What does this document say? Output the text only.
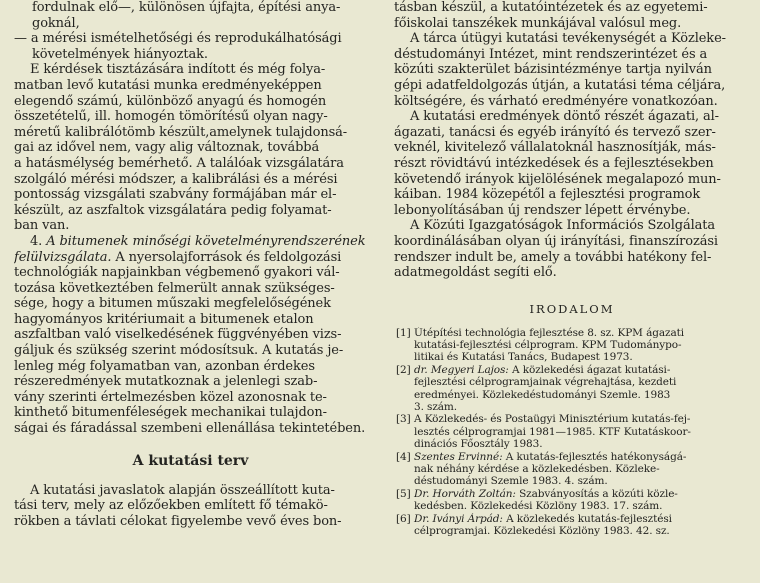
fordulnak elő—, különösen újfajta, építési anya-
goknál,
— a mérési ismételhetőségi és reprodukálhatósági
követelmények hiányoztak.
E kérdések tisztázására indított és még folya-
matban levő kutatási munka eredményeképpen
elegendő számú, különböző anyagú és homogén
összetételű, ill. homogén tömörítésű olyan nagy-
méretű kalibrálótömb készült,amelynek tulajdonsá-
gai az idővel nem, vagy alig változnak, továbbá
a hatásmélység bemérhető. A találóak vizsgálatára
szolgáló mérési módszer, a kalibrálási és a mérési
pontosság vizsgálati szabvány formájában már el-
készült, az aszfaltok vizsgálatára pedig folyamat-
ban van.
4. A bitumenek minőségi követelményrendszerének
felülvizsgálata. A nyersolajforrások és feldolgozási
technológiák napjainkban végbemenő gyakori vál-
tozása következtében felmerült annak szükséges-
sége, hogy a bitumen műszaki megfelelőségének
hagyományos kritériumait a bitumenek etalon
aszfaltban való viselkedésének függvényében vizs-
gáljuk és szükség szerint módosítsuk. A kutatás je-
lenleg még folyamatban van, azonban érdekes
részeredmények mutatkoznak a jelenlegi szab-
vány szerinti értelmezésben közel azonosnak te-
kinthető bitumenféleségek mechanikai tulajdon-
ságai és fáradással szembeni ellenállása tekintetében.
A kutatási terv
A kutatási javaslatok alapján összeállított kuta-
tási terv, mely az előzőekben említett fő témakö-
rökben a távlati célokat figyelembe vevő éves bon-
tásban készül, a kutatóintézetek és az egyetemi-
főiskolai tanszékek munkájával valósul meg.
A tárca útügyi kutatási tevékenységét a Közleke-
déstudományi Intézet, mint rendszerintézet és a
közúti szakterület bázisintézménye tartja nyilván
gépi adatfeldolgozás útján, a kutatási téma céljára,
költségére, és várható eredményére vonatkozóan.
A kutatási eredmények döntő részét ágazati, al-
ágazati, tanácsi és egyéb irányító és tervező szer-
veknél, kivitelező vállalatoknál hasznosítják, más-
részt rövidtávú intézkedések és a fejlesztésekben
követendő irányok kijelölésének megalapozó mun-
káiban. 1984 közepétől a fejlesztési programok
lebonyolításában új rendszer lépett érvénybe.
A Közúti Igazgatóságok Információs Szolgálata
koordinálásában olyan új irányítási, finanszírozási
rendszer indult be, amely a további hatékony fel-
adatmegoldást segíti elő.
IRODALOM
[1] Útépítési technológia fejlesztése 8. sz. KPM ágazati
kutatási-fejlesztési célprogram. KPM Tudománypo-
litikai és Kutatási Tanács, Budapest 1973.
[2] dr. Megyeri Lajos: A közlekedési ágazat kutatási-
fejlesztési célprogramjainak végrehajtása, kezdeti
eredményei. Közlekedéstudományi Szemle. 1983
3. szám.
[3] A Közlekedés- és Postaügyi Minisztérium kutatás-fej-
lesztés célprogramjai 1981—1985. KTF Kutatáskoor-
dinációs Főosztály 1983.
[4] Szentes Ervinné: A kutatás-fejlesztés hatékonyságá-
nak néhány kérdése a közlekedésben. Közleke-
déstudományi Szemle 1983. 4. szám.
[5] Dr. Horváth Zoltán: Szabványosítás a közúti közle-
kedésben. Közlekedési Közlöny 1983. 17. szám.
[6] Dr. Iványi Árpád: A közlekedés kutatás-fejlesztési
célprogramjai. Közlekedési Közlöny 1983. 42. sz.
